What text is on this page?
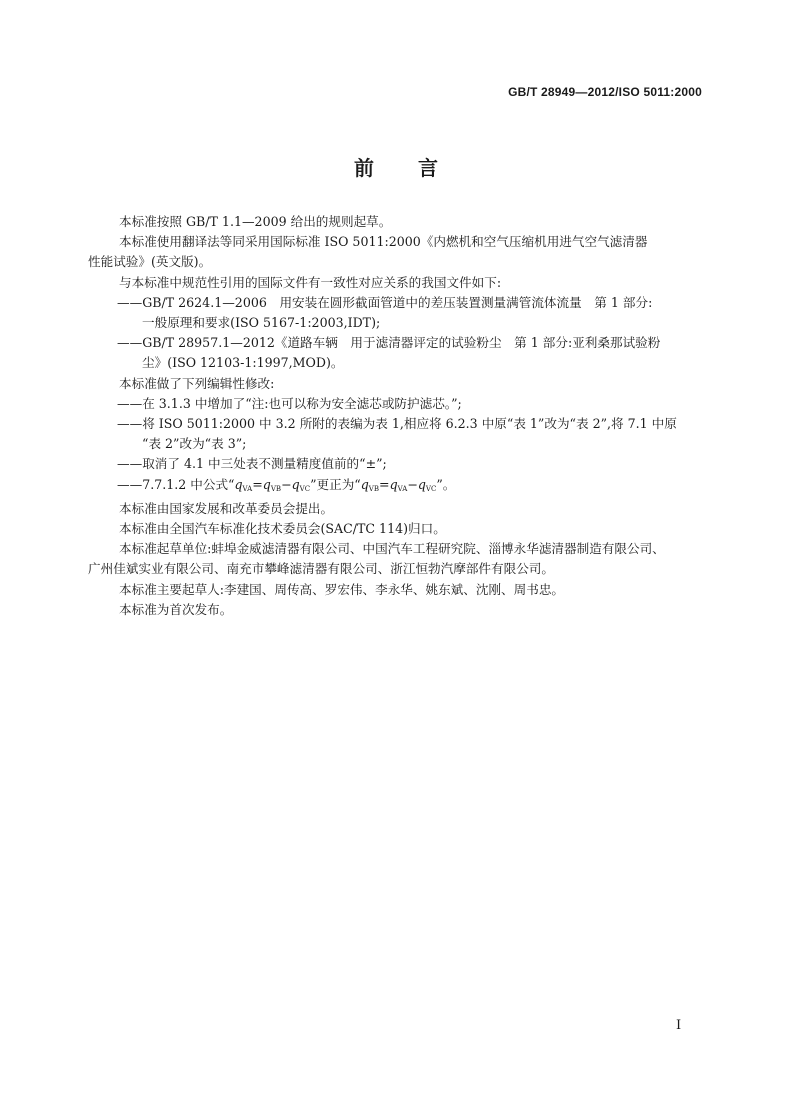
GB/T 28949—2012/ISO 5011:2000
前 言

本标准按照 GB/T 1.1—2009 给出的规则起草。

本标准使用翻译法等同采用国际标准 ISO 5011:2000《内燃机和空气压缩机用进气空气滤清器

性能试验》(英文版)。

与本标准中规范性引用的国际文件有一致性对应关系的我国文件如下:

——GB/T 2624.1—2006　用安装在圆形截面管道中的差压装置测量满管流体流量　第 1 部分:

一般原理和要求(ISO 5167-1:2003,IDT);

——GB/T 28957.1—2012《道路车辆　用于滤清器评定的试验粉尘　第 1 部分:亚利桑那试验粉

尘》(ISO 12103-1:1997,MOD)。

本标准做了下列编辑性修改:

——在 3.1.3 中增加了“注:也可以称为安全滤芯或防护滤芯。”;

——将 ISO 5011:2000 中 3.2 所附的表编为表 1,相应将 6.2.3 中原“表 1”改为“表 2”,将 7.1 中原

“表 2”改为“表 3”;

——取消了 4.1 中三处表不测量精度值前的“±”;

——7.7.1.2 中公式“$q_{VA}=q_{VB}-q_{VC}$”更正为“$q_{VB}=q_{VA}-q_{VC}$”。

本标准由国家发展和改革委员会提出。

本标准由全国汽车标准化技术委员会(SAC/TC 114)归口。

本标准起草单位:蚌埠金威滤清器有限公司、中国汽车工程研究院、淄博永华滤清器制造有限公司、

广州佳斌实业有限公司、南充市攀峰滤清器有限公司、浙江恒勃汽摩部件有限公司。

本标准主要起草人:李建国、周传高、罗宏伟、李永华、姚东斌、沈刚、周书忠。

本标准为首次发布。

I
